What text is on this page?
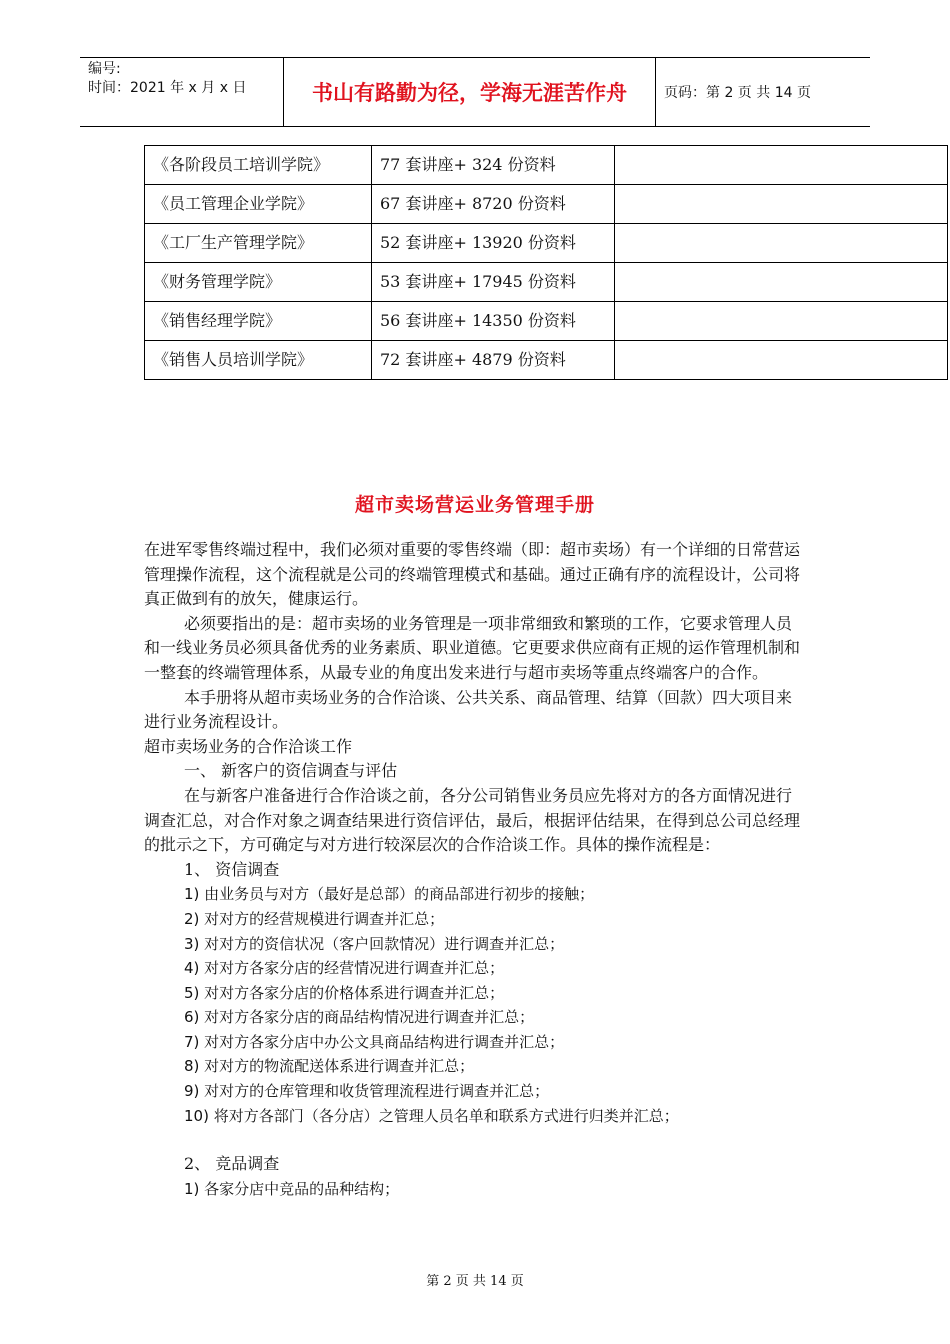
编号:
时间：2021 年 x 月 x 日	书山有路勤为径，学海无涯苦作舟	页码：第 2 页 共 14 页
《各阶段员工培训学院》	77 套讲座+ 324 份资料	
《员工管理企业学院》	67 套讲座+ 8720 份资料	
《工厂生产管理学院》	52 套讲座+ 13920 份资料	
《财务管理学院》	53 套讲座+ 17945 份资料	
《销售经理学院》	56 套讲座+ 14350 份资料	
《销售人员培训学院》	72 套讲座+ 4879 份资料	
超市卖场营运业务管理手册

在进军零售终端过程中，我们必须对重要的零售终端（即：超市卖场）有一个详细的日常营运管理操作流程，这个流程就是公司的终端管理模式和基础。通过正确有序的流程设计，公司将真正做到有的放矢，健康运行。

必须要指出的是：超市卖场的业务管理是一项非常细致和繁琐的工作，它要求管理人员和一线业务员必须具备优秀的业务素质、职业道德。它更要求供应商有正规的运作管理机制和一整套的终端管理体系，从最专业的角度出发来进行与超市卖场等重点终端客户的合作。

本手册将从超市卖场业务的合作洽谈、公共关系、商品管理、结算（回款）四大项目来进行业务流程设计。

超市卖场业务的合作洽谈工作

一、 新客户的资信调查与评估

在与新客户准备进行合作洽谈之前，各分公司销售业务员应先将对方的各方面情况进行调查汇总，对合作对象之调查结果进行资信评估，最后，根据评估结果，在得到总公司总经理的批示之下，方可确定与对方进行较深层次的合作洽谈工作。具体的操作流程是：

1、 资信调查

1) 由业务员与对方（最好是总部）的商品部进行初步的接触；

2) 对对方的经营规模进行调查并汇总；

3) 对对方的资信状况（客户回款情况）进行调查并汇总；

4) 对对方各家分店的经营情况进行调查并汇总；

5) 对对方各家分店的价格体系进行调查并汇总；

6) 对对方各家分店的商品结构情况进行调查并汇总；

7) 对对方各家分店中办公文具商品结构进行调查并汇总；

8) 对对方的物流配送体系进行调查并汇总；

9) 对对方的仓库管理和收货管理流程进行调查并汇总；

10) 将对方各部门（各分店）之管理人员名单和联系方式进行归类并汇总；

2、 竞品调查

1) 各家分店中竞品的品种结构；

第 2 页 共 14 页
